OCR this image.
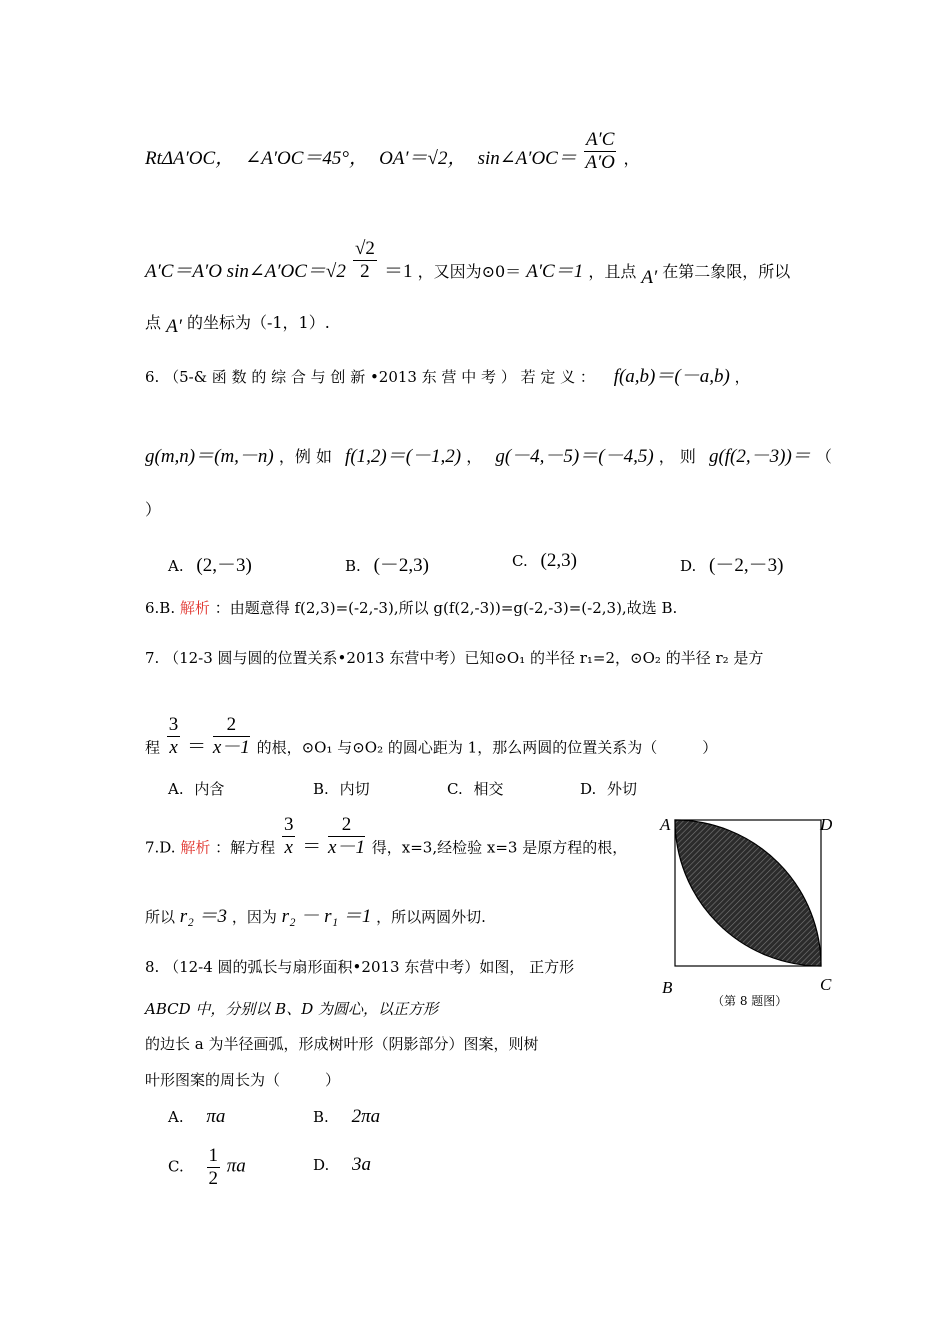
RtΔA′OC， ∠A′OC＝45°， OA′＝√2， sin∠A′OC＝ $\frac{A'C}{A'O}$ ，
A′C＝A′O sin∠A′OC＝√2 $\frac{√2}{2} =1$ ，又因为⊙0＝ A′C＝1 ，且点 A′ 在第二象限，所以
点 A′ 的坐标为（-1，1）.
6. （5-& 函 数 的 综 合 与 创 新 •2013 东 营 中 考 ） 若 定 义 ： f(a,b)＝(－a,b) ，
g(m,n)＝(m,－n) ，例 如 f(1,2)＝(－1,2) ， g(－4,－5)＝(－4,5) ， 则 g(f(2,－3))＝ （
）
A. (2,－3)	B. (－2,3)	C. (2,3)	D. (－2,－3)
6.B. 解析 ：由题意得 f(2,3)=(-2,-3),所以 g(f(2,-3))=g(-2,-3)=(-2,3),故选 B.
7. （12-3 圆与圆的位置关系•2013 东营中考）已知⊙O₁ 的半径 r₁=2，⊙O₂ 的半径 r₂ 是方
程 $\frac{3}{x} = \frac{2}{x-1}$ 的根，⊙O₁ 与⊙O₂ 的圆心距为 1，那么两圆的位置关系为（　　　）
A. 内含	B. 内切	C. 相交	D. 外切
7.D. 解析 ：解方程 $\frac{3}{x} = \frac{2}{x-1}$ 得，x=3,经检验 x=3 是原方程的根，
所以 r₂ ＝3 ，因为 r₂ － r₁ ＝1 ，所以两圆外切.
8. （12-4 圆的弧长与扇形面积•2013 东营中考）如图， 正方形
ABCD 中，分别以 B、D 为圆心，以正方形
的边长 a 为半径画弧，形成树叶形（阴影部分）图案，则树
叶形图案的周长为（　　　）
A. πa	B. 2πa
C. $\frac{1}{2}$ πa	D. 3a
A	D
B	C
（第 8 题图）
